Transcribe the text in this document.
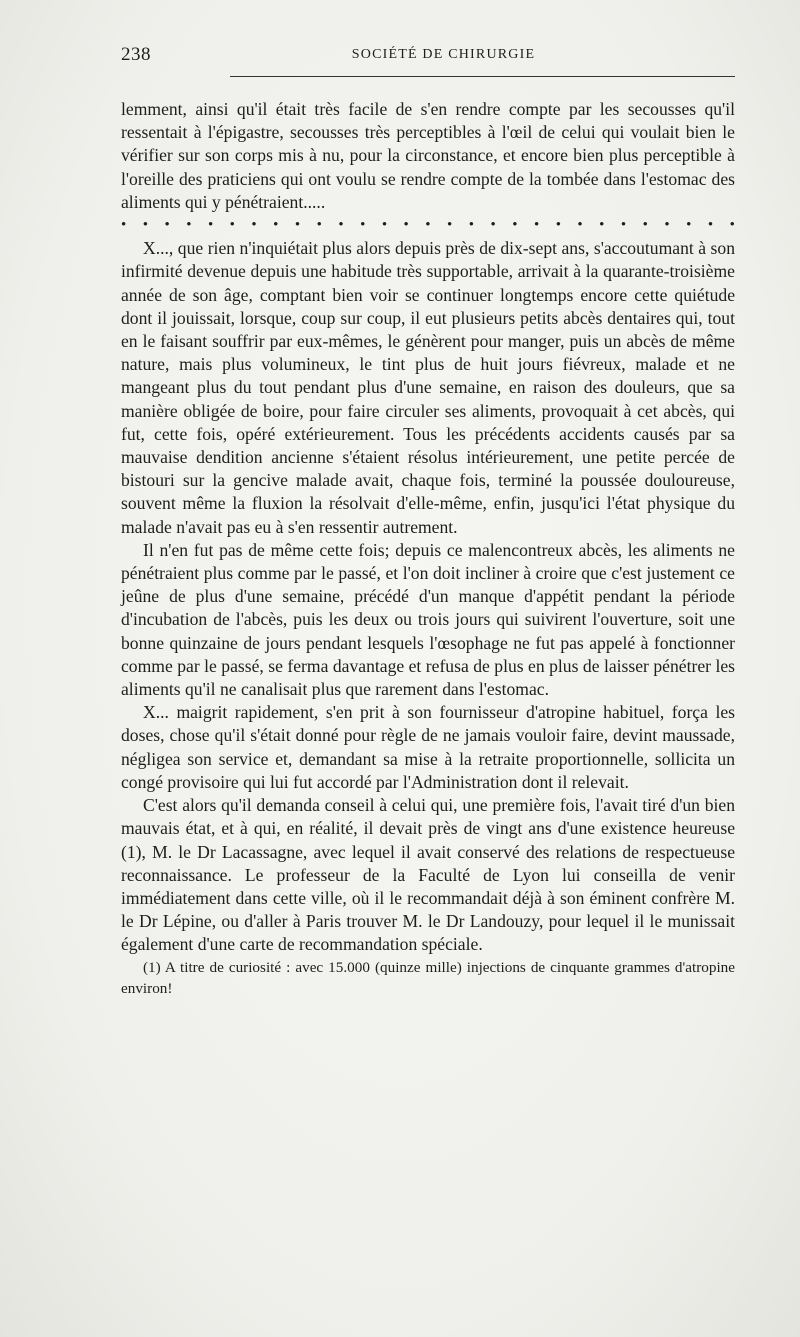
238	SOCIÉTÉ DE CHIRURGIE

lemment, ainsi qu'il était très facile de s'en rendre compte par les secousses qu'il ressentait à l'épigastre, secousses très perceptibles à l'œil de celui qui voulait bien le vérifier sur son corps mis à nu, pour la circonstance, et encore bien plus perceptible à l'oreille des praticiens qui ont voulu se rendre compte de la tombée dans l'estomac des aliments qui y pénétraient.....

• • • • • • • • • • • • • • • • • • • • • • • • • • • • •

X..., que rien n'inquiétait plus alors depuis près de dix-sept ans, s'accoutumant à son infirmité devenue depuis une habitude très supportable, arrivait à la quarante-troisième année de son âge, comptant bien voir se continuer longtemps encore cette quiétude dont il jouissait, lorsque, coup sur coup, il eut plusieurs petits abcès dentaires qui, tout en le faisant souffrir par eux-mêmes, le génèrent pour manger, puis un abcès de même nature, mais plus volumineux, le tint plus de huit jours fiévreux, malade et ne mangeant plus du tout pendant plus d'une semaine, en raison des douleurs, que sa manière obligée de boire, pour faire circuler ses aliments, provoquait à cet abcès, qui fut, cette fois, opéré extérieurement. Tous les précédents accidents causés par sa mauvaise dendition ancienne s'étaient résolus intérieurement, une petite percée de bistouri sur la gencive malade avait, chaque fois, terminé la poussée douloureuse, souvent même la fluxion la résolvait d'elle-même, enfin, jusqu'ici l'état physique du malade n'avait pas eu à s'en ressentir autrement.

Il n'en fut pas de même cette fois; depuis ce malencontreux abcès, les aliments ne pénétraient plus comme par le passé, et l'on doit incliner à croire que c'est justement ce jeûne de plus d'une semaine, précédé d'un manque d'appétit pendant la période d'incubation de l'abcès, puis les deux ou trois jours qui suivirent l'ouverture, soit une bonne quinzaine de jours pendant lesquels l'œsophage ne fut pas appelé à fonctionner comme par le passé, se ferma davantage et refusa de plus en plus de laisser pénétrer les aliments qu'il ne canalisait plus que rarement dans l'estomac.

X... maigrit rapidement, s'en prit à son fournisseur d'atropine habituel, força les doses, chose qu'il s'était donné pour règle de ne jamais vouloir faire, devint maussade, négligea son service et, demandant sa mise à la retraite proportionnelle, sollicita un congé provisoire qui lui fut accordé par l'Administration dont il relevait.

C'est alors qu'il demanda conseil à celui qui, une première fois, l'avait tiré d'un bien mauvais état, et à qui, en réalité, il devait près de vingt ans d'une existence heureuse (1), M. le Dr Lacassagne, avec lequel il avait conservé des relations de respectueuse reconnaissance. Le professeur de la Faculté de Lyon lui conseilla de venir immédiatement dans cette ville, où il le recommandait déjà à son éminent confrère M. le Dr Lépine, ou d'aller à Paris trouver M. le Dr Landouzy, pour lequel il le munissait également d'une carte de recommandation spéciale.

(1) A titre de curiosité : avec 15.000 (quinze mille) injections de cinquante grammes d'atropine environ!
